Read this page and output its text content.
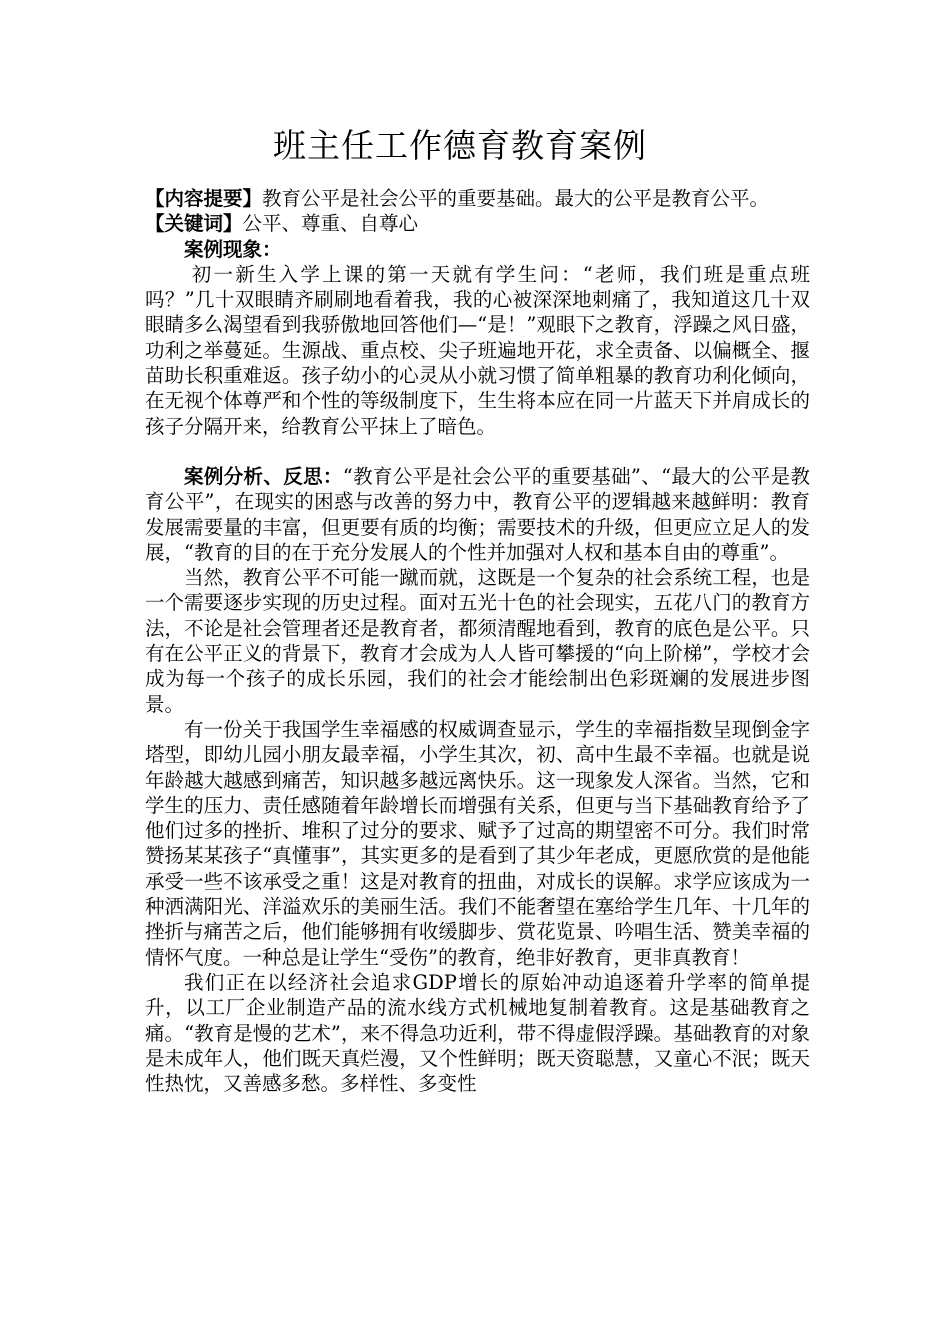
班主任工作德育教育案例

【内容提要】教育公平是社会公平的重要基础。最大的公平是教育公平。

【关键词】公平、尊重、自尊心

案例现象：

初一新生入学上课的第一天就有学生问：“老师，我们班是重点班吗？”几十双眼睛齐刷刷地看着我，我的心被深深地刺痛了，我知道这几十双眼睛多么渴望看到我骄傲地回答他们—“是！”观眼下之教育，浮躁之风日盛，功利之举蔓延。生源战、重点校、尖子班遍地开花，求全责备、以偏概全、揠苗助长积重难返。孩子幼小的心灵从小就习惯了简单粗暴的教育功利化倾向，在无视个体尊严和个性的等级制度下，生生将本应在同一片蓝天下并肩成长的孩子分隔开来，给教育公平抹上了暗色。

案例分析、反思：“教育公平是社会公平的重要基础”、“最大的公平是教育公平”，在现实的困惑与改善的努力中，教育公平的逻辑越来越鲜明：教育发展需要量的丰富，但更要有质的均衡；需要技术的升级，但更应立足人的发展，“教育的目的在于充分发展人的个性并加强对人权和基本自由的尊重”。

当然，教育公平不可能一蹴而就，这既是一个复杂的社会系统工程，也是一个需要逐步实现的历史过程。面对五光十色的社会现实，五花八门的教育方法，不论是社会管理者还是教育者，都须清醒地看到，教育的底色是公平。只有在公平正义的背景下，教育才会成为人人皆可攀援的“向上阶梯”，学校才会成为每一个孩子的成长乐园，我们的社会才能绘制出色彩斑斓的发展进步图景。

有一份关于我国学生幸福感的权威调查显示，学生的幸福指数呈现倒金字塔型，即幼儿园小朋友最幸福，小学生其次，初、高中生最不幸福。也就是说年龄越大越感到痛苦，知识越多越远离快乐。这一现象发人深省。当然，它和学生的压力、责任感随着年龄增长而增强有关系，但更与当下基础教育给予了他们过多的挫折、堆积了过分的要求、赋予了过高的期望密不可分。我们时常赞扬某某孩子“真懂事”，其实更多的是看到了其少年老成，更愿欣赏的是他能承受一些不该承受之重！这是对教育的扭曲，对成长的误解。求学应该成为一种洒满阳光、洋溢欢乐的美丽生活。我们不能奢望在塞给学生几年、十几年的挫折与痛苦之后，他们能够拥有收缓脚步、赏花览景、吟唱生活、赞美幸福的情怀气度。一种总是让学生“受伤”的教育，绝非好教育，更非真教育！

我们正在以经济社会追求GDP增长的原始冲动追逐着升学率的简单提升，以工厂企业制造产品的流水线方式机械地复制着教育。这是基础教育之痛。“教育是慢的艺术”，来不得急功近利，带不得虚假浮躁。基础教育的对象是未成年人，他们既天真烂漫，又个性鲜明；既天资聪慧，又童心不泯；既天性热忱，又善感多愁。多样性、多变性
